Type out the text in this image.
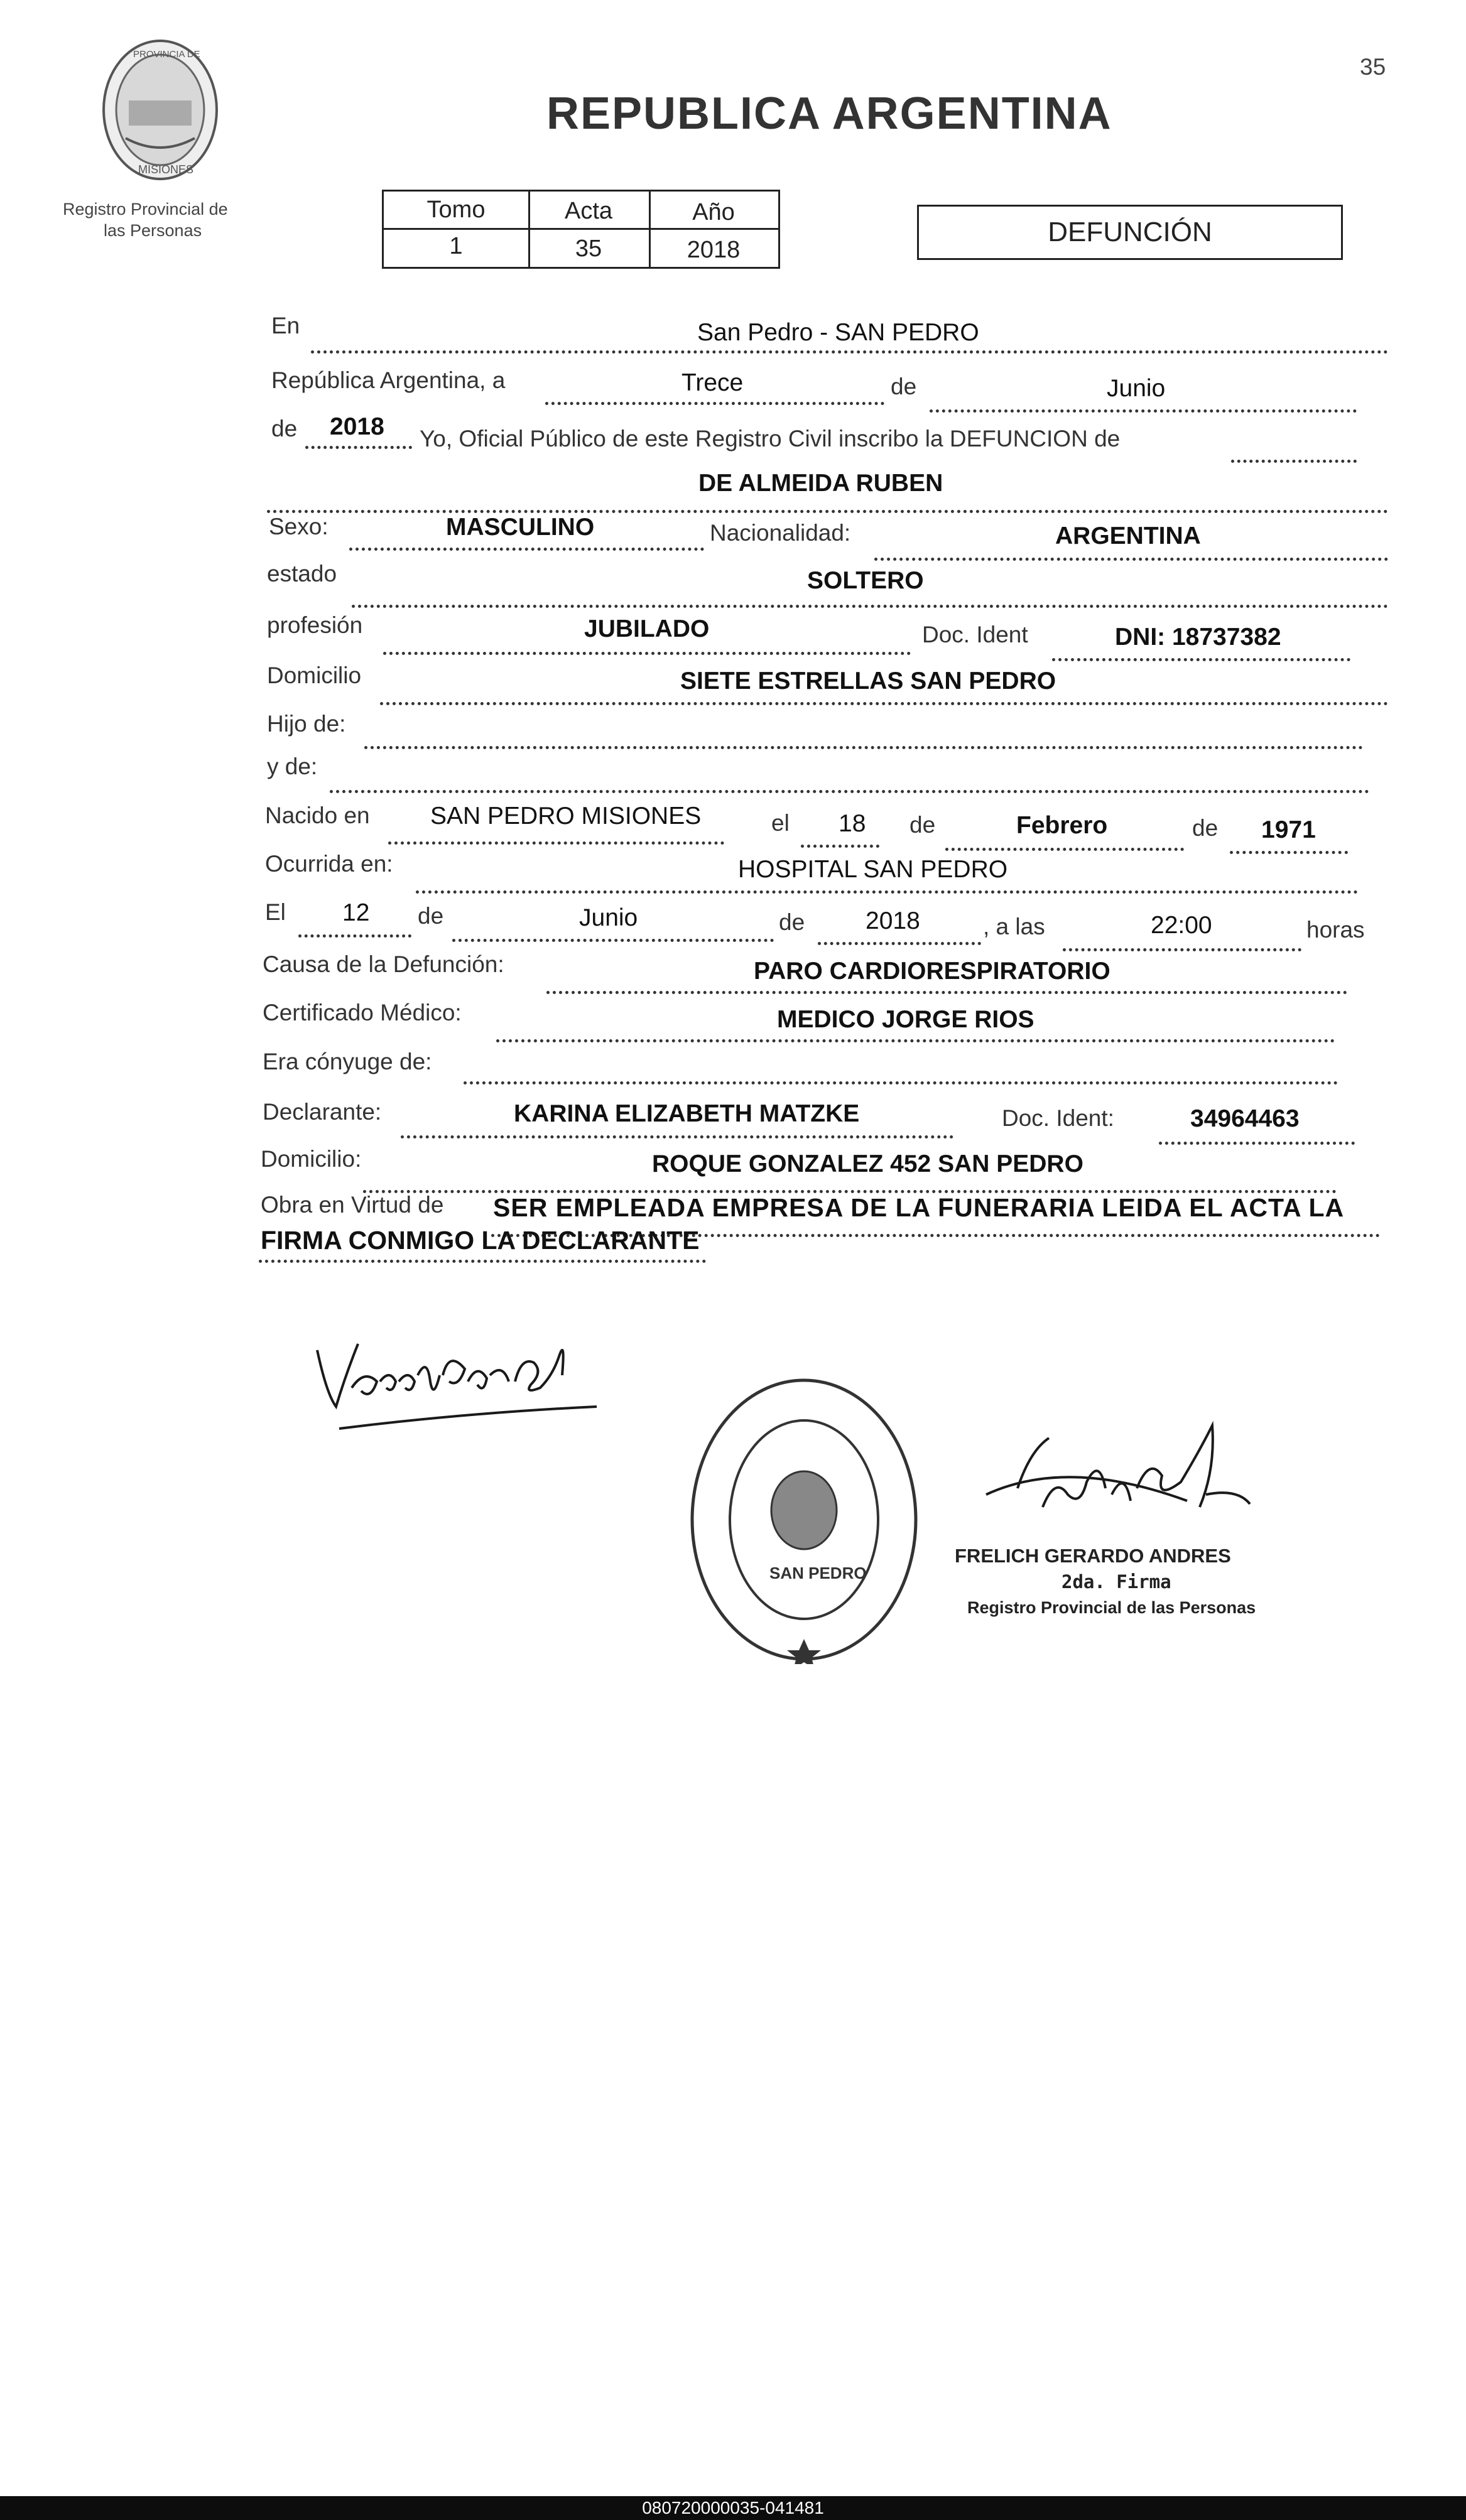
PROVINCIA DE
MISIONES
Registro Provincial de
las Personas
35
REPUBLICA ARGENTINA
Tomo	Acta	Año
1	35	2018
DEFUNCIÓN
En	San Pedro - SAN PEDRO
República Argentina, a	Trece	de	Junio
de 2018 Yo, Oficial Público de este Registro Civil inscribo la DEFUNCION de
DE ALMEIDA RUBEN
Sexo:	MASCULINO	Nacionalidad:	ARGENTINA
estado	SOLTERO
profesión	JUBILADO	Doc. Ident	DNI: 18737382
Domicilio	SIETE ESTRELLAS SAN PEDRO
Hijo de:
y de:
Nacido en SAN PEDRO MISIONES	el 18 de	Febrero	de 1971
Ocurrida en:	HOSPITAL SAN PEDRO
El 12 de	Junio	de 2018	, a las	22:00	horas
Causa de la Defunción:	PARO CARDIORESPIRATORIO
Certificado Médico:	MEDICO JORGE RIOS
Era cónyuge de:
Declarante:	KARINA ELIZABETH MATZKE	Doc. Ident:	34964463
Domicilio:	ROQUE GONZALEZ 452 SAN PEDRO
Obra en Virtud de SER EMPLEADA EMPRESA DE LA FUNERARIA LEIDA EL ACTA LA
FIRMA CONMIGO LA DECLARANTE
SAN PEDRO
FRELICH GERARDO ANDRES
2da. Firma
Registro Provincial de las Personas
080720000035-041481
